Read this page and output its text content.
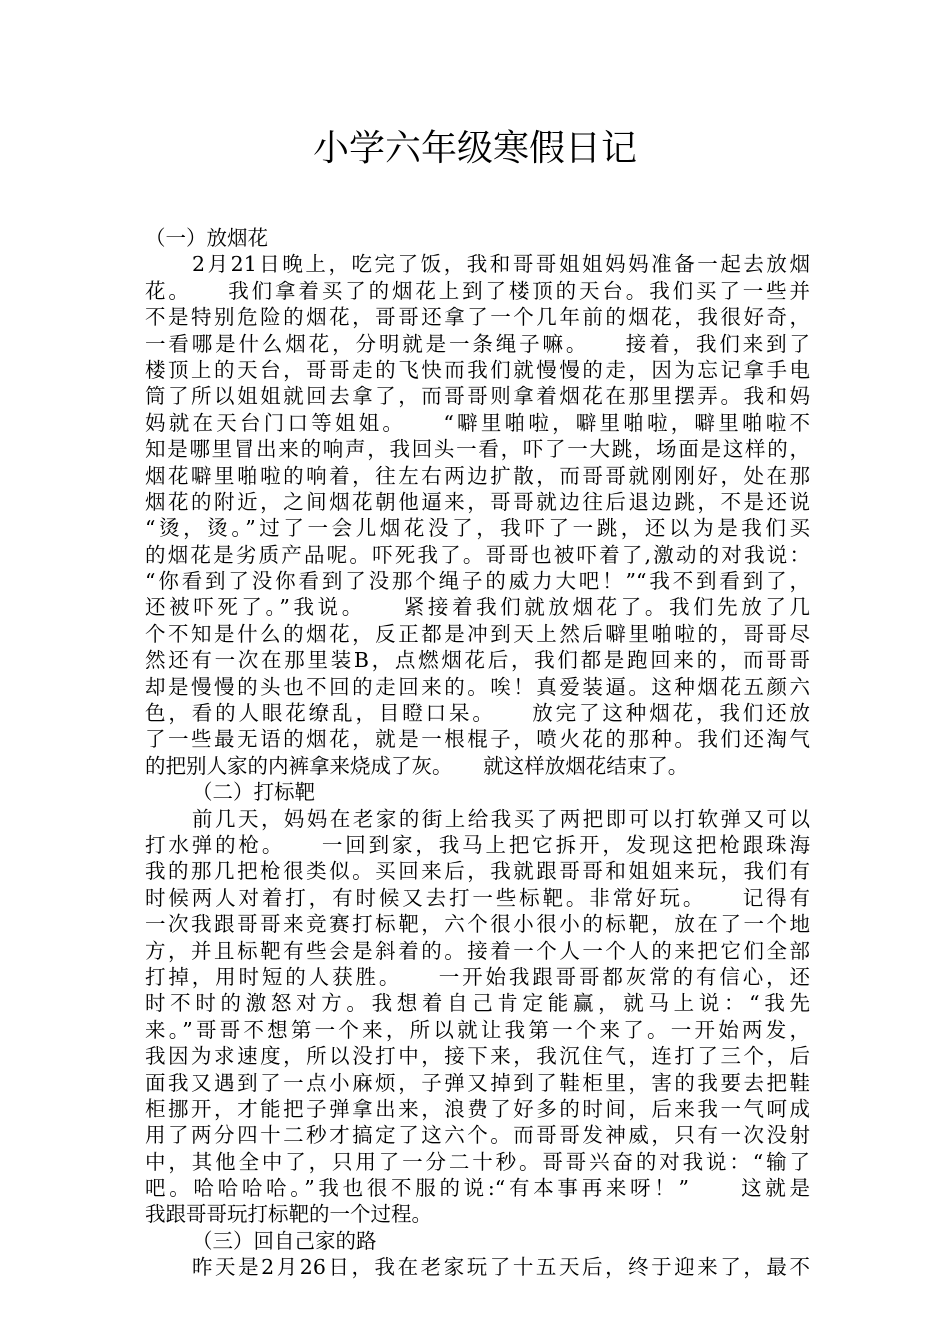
小学六年级寒假日记
（一）放烟花
2月21日晚上，吃完了饭，我和哥哥姐姐妈妈准备一起去放烟
花。　　我们拿着买了的烟花上到了楼顶的天台。我们买了一些并
不是特别危险的烟花，哥哥还拿了一个几年前的烟花，我很好奇，
一看哪是什么烟花，分明就是一条绳子嘛。　　接着，我们来到了
楼顶上的天台，哥哥走的飞快而我们就慢慢的走，因为忘记拿手电
筒了所以姐姐就回去拿了，而哥哥则拿着烟花在那里摆弄。我和妈
妈就在天台门口等姐姐。　　“噼里啪啦，噼里啪啦，噼里啪啦不
知是哪里冒出来的响声，我回头一看，吓了一大跳，场面是这样的，
烟花噼里啪啦的响着，往左右两边扩散，而哥哥就刚刚好，处在那
烟花的附近，之间烟花朝他逼来，哥哥就边往后退边跳，不是还说
“烫，烫。”过了一会儿烟花没了，我吓了一跳，还以为是我们买
的烟花是劣质产品呢。吓死我了。哥哥也被吓着了,激动的对我说：
“你看到了没你看到了没那个绳子的威力大吧！”“我不到看到了，
还被吓死了。”我说。　　紧接着我们就放烟花了。我们先放了几
个不知是什么的烟花，反正都是冲到天上然后噼里啪啦的，哥哥尽
然还有一次在那里装B，点燃烟花后，我们都是跑回来的，而哥哥
却是慢慢的头也不回的走回来的。唉！真爱装逼。这种烟花五颜六
色，看的人眼花缭乱，目瞪口呆。　　放完了这种烟花，我们还放
了一些最无语的烟花，就是一根棍子，喷火花的那种。我们还淘气
的把别人家的内裤拿来烧成了灰。　　就这样放烟花结束了。
（二）打标靶
前几天，妈妈在老家的街上给我买了两把即可以打软弹又可以
打水弹的枪。　　一回到家，我马上把它拆开，发现这把枪跟珠海
我的那几把枪很类似。买回来后，我就跟哥哥和姐姐来玩，我们有
时候两人对着打，有时候又去打一些标靶。非常好玩。　　记得有
一次我跟哥哥来竞赛打标靶，六个很小很小的标靶，放在了一个地
方，并且标靶有些会是斜着的。接着一个人一个人的来把它们全部
打掉，用时短的人获胜。　　一开始我跟哥哥都灰常的有信心，还
时不时的激怒对方。我想着自己肯定能赢，就马上说：“我先
来。”哥哥不想第一个来，所以就让我第一个来了。一开始两发，
我因为求速度，所以没打中，接下来，我沉住气，连打了三个，后
面我又遇到了一点小麻烦，子弹又掉到了鞋柜里，害的我要去把鞋
柜挪开，才能把子弹拿出来，浪费了好多的时间，后来我一气呵成
用了两分四十二秒才搞定了这六个。而哥哥发神威，只有一次没射
中，其他全中了，只用了一分二十秒。哥哥兴奋的对我说：“输了
吧。哈哈哈哈。”我也很不服的说:“有本事再来呀！”　　这就是
我跟哥哥玩打标靶的一个过程。
（三）回自己家的路
昨天是2月26日，我在老家玩了十五天后，终于迎来了，最不
